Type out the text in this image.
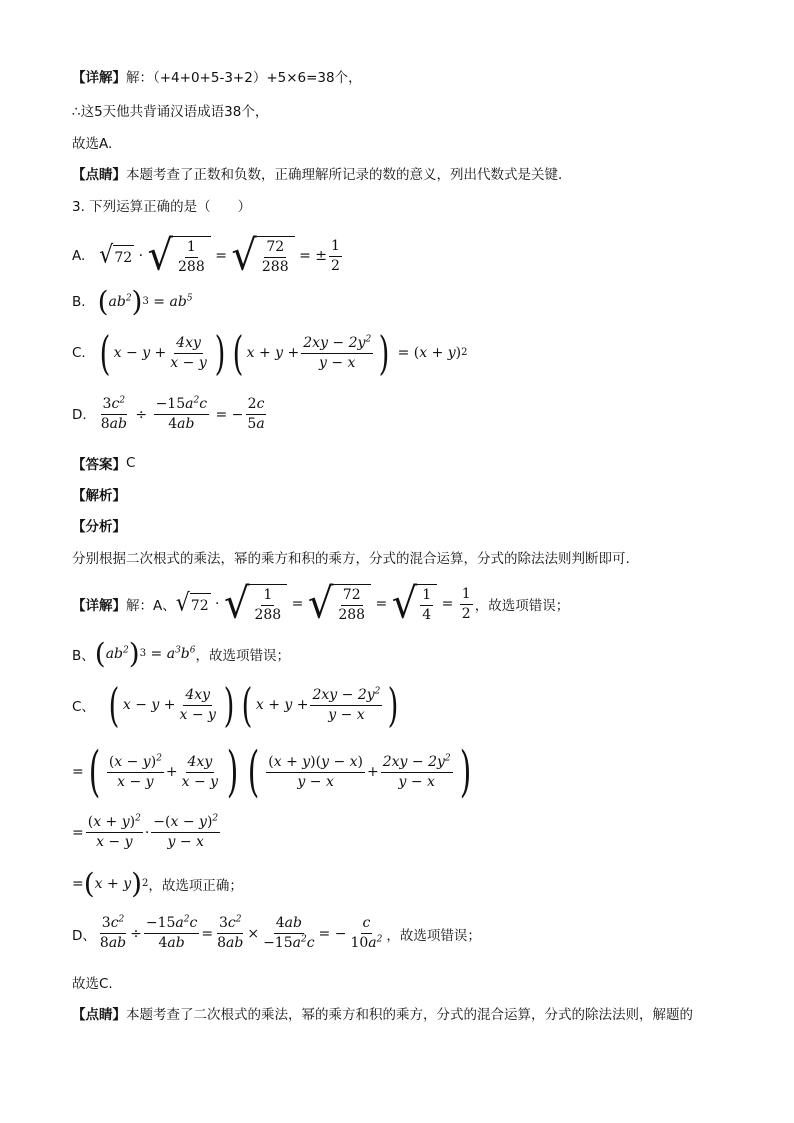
【详解】 解：（+4+0+5-3+2）+5×6=38个，
∴这5天他共背诵汉语成语38个，
故选A.
【点睛】 本题考查了正数和负数，正确理解所记录的数的意义，列出代数式是关键．
3. 下列运算正确的是（　　）
A. √ 72 · √ $\frac{1}{288}$ = √ $\frac{72}{288}$ = ± $\frac{1}{2}$
B. ( $ab^2$ ) $3 = ab^5$
C. ( $x - y + \frac{4xy}{x - y}$ ) ( $x + y + \frac{2xy - 2y^2}{y - x}$ ) = ( x + y ) 2
D. $\frac{3c^2}{8ab} \div \frac{-15a^2c}{4ab}$ = − $\frac{2c}{5a}$
【答案】 C
【解析】
【分析】
分别根据二次根式的乘法，幂的乘方和积的乘方，分式的混合运算，分式的除法法则判断即可.
【详解】 解：A、 √ 72 · √ $\frac{1}{288}$ = √ $\frac{72}{288}$ = √ $\frac{1}{4} = \frac{1}{2}$ ，故选项错误；
B、 ( $ab^2$ ) $3 = a^3b^6$ ，故选项错误；
C、 ( $x - y + \frac{4xy}{x - y}$ ) ( $x + y + \frac{2xy - 2y^2}{y - x}$ )
= ( $\frac{(x - y)^2}{x - y} + \frac{4xy}{x - y}$ ) ( $\frac{(x + y)(y - x)}{y - x} + \frac{2xy - 2y^2}{y - x}$ )
= $\frac{(x + y)^2}{x - y} \cdot \frac{-(x - y)^2}{y - x}$
= ( x + y ) 2 ，故选项正确；
D、 $\frac{3c^2}{8ab} \div \frac{-15a^2c}{4ab} = \frac{3c^2}{8ab} \times \frac{4ab}{-15a^2c}$ = − $\frac{c}{10a^2}$ ，故选项错误；
故选C.
【点睛】 本题考查了二次根式的乘法，幂的乘方和积的乘方，分式的混合运算，分式的除法法则，解题的
